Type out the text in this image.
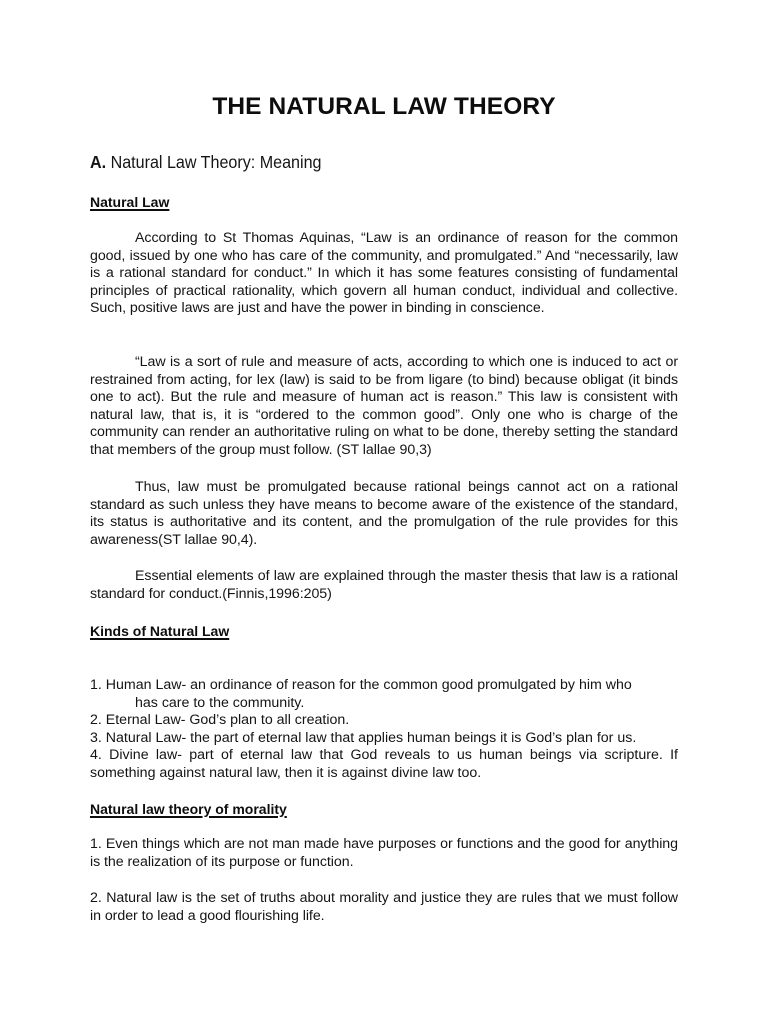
THE NATURAL LAW THEORY
A. Natural Law Theory: Meaning
Natural Law

According to St Thomas Aquinas, “Law is an ordinance of reason for the common good, issued by one who has care of the community, and promulgated.” And “necessarily, law is a rational standard for conduct.” In which it has some features consisting of fundamental principles of practical rationality, which govern all human conduct, individual and collective. Such, positive laws are just and have the power in binding in conscience.

“Law is a sort of rule and measure of acts, according to which one is induced to act or restrained from acting, for lex (law) is said to be from ligare (to bind) because obligat (it binds one to act). But the rule and measure of human act is reason.” This law is consistent with natural law, that is, it is “ordered to the common good”. Only one who is charge of the community can render an authoritative ruling on what to be done, thereby setting the standard that members of the group must follow. (ST lallae 90,3)

Thus, law must be promulgated because rational beings cannot act on a rational standard as such unless they have means to become aware of the existence of the standard, its status is authoritative and its content, and the promulgation of the rule provides for this awareness(ST lallae 90,4).

Essential elements of law are explained through the master thesis that law is a rational standard for conduct.(Finnis,1996:205)

Kinds of Natural Law
1. Human Law- an ordinance of reason for the common good promulgated by him who
has care to the community.
2. Eternal Law- God’s plan to all creation.
3. Natural Law- the part of eternal law that applies human beings it is God’s plan for us.
4. Divine law- part of eternal law that God reveals to us human beings via scripture. If something against natural law, then it is against divine law too.
Natural law theory of morality

1. Even things which are not man made have purposes or functions and the good for anything is the realization of its purpose or function.

2. Natural law is the set of truths about morality and justice they are rules that we must follow in order to lead a good flourishing life.
